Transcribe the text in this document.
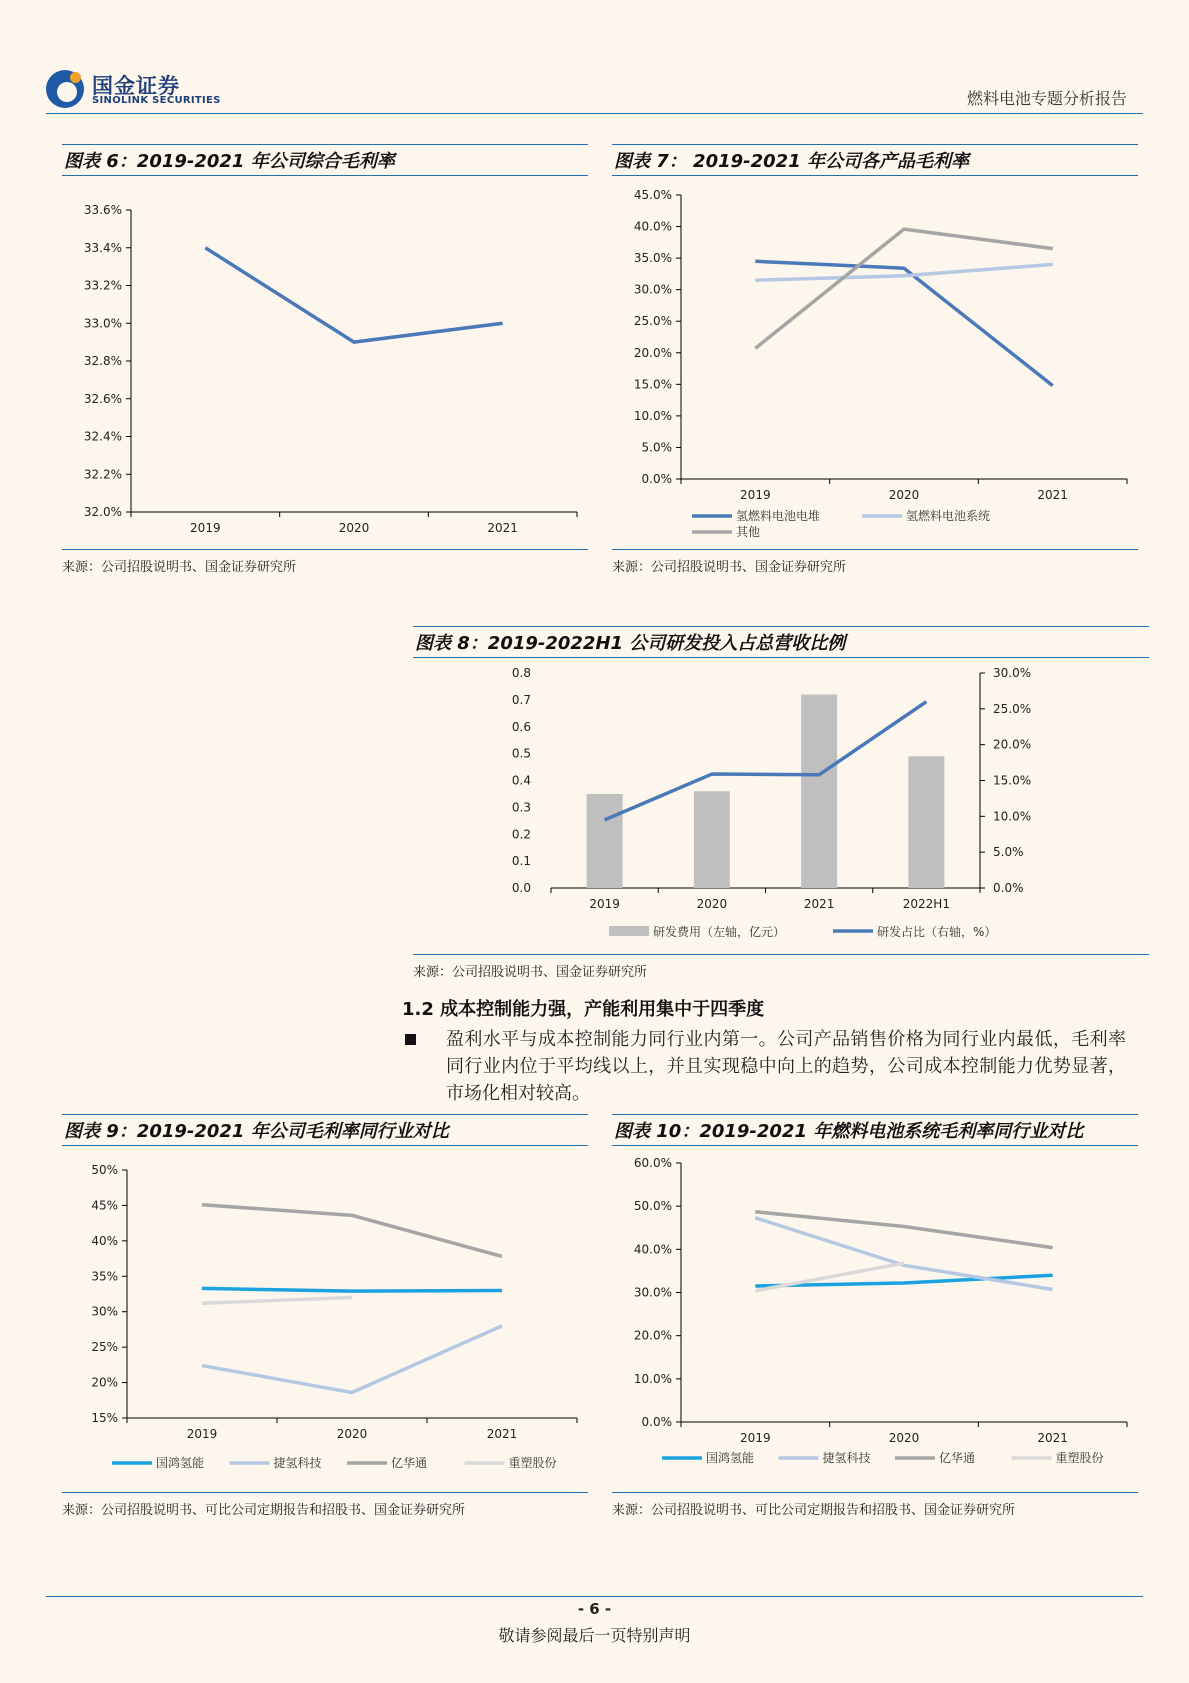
国金证券
SINOLINK SECURITIES	燃料电池专题分析报告
图表 6：2019-2021 年公司综合毛利率
32.0%
32.2%
32.4%
32.6%
32.8%
33.0%
33.2%
33.4%
33.6%
2019	2020	2021
来源：公司招股说明书、国金证券研究所
图表 7： 2019-2021 年公司各产品毛利率
0.0%
5.0%
10.0%
15.0%
20.0%
25.0%
30.0%
35.0%
40.0%
45.0%
2019	2020	2021
氢燃料电池电堆	氢燃料电池系统
其他
来源：公司招股说明书、国金证券研究所
图表 8：2019-2022H1 公司研发投入占总营收比例
0.0
0.1
0.2
0.3
0.4
0.5
0.6
0.7
0.8
0.0%
5.0%
10.0%
15.0%
20.0%
25.0%
30.0%
2019	2020	2021	2022H1
研发费用（左轴，亿元）	研发占比（右轴，%）
来源：公司招股说明书、国金证券研究所
1.2 成本控制能力强，产能利用集中于四季度
盈利水平与成本控制能力同行业内第一。公司产品销售价格为同行业内最低，毛利率同行业内位于平均线以上，并且实现稳中向上的趋势，公司成本控制能力优势显著，市场化相对较高。
图表 9：2019-2021 年公司毛利率同行业对比
15%
20%
25%
30%
35%
40%
45%
50%
2019	2020	2021
国鸿氢能	捷氢科技	亿华通	重塑股份
来源：公司招股说明书、可比公司定期报告和招股书、国金证券研究所
图表 10：2019-2021 年燃料电池系统毛利率同行业对比
0.0%
10.0%
20.0%
30.0%
40.0%
50.0%
60.0%
2019	2020	2021
国鸿氢能	捷氢科技	亿华通	重塑股份
来源：公司招股说明书、可比公司定期报告和招股书、国金证券研究所
- 6 -
敬请参阅最后一页特别声明
